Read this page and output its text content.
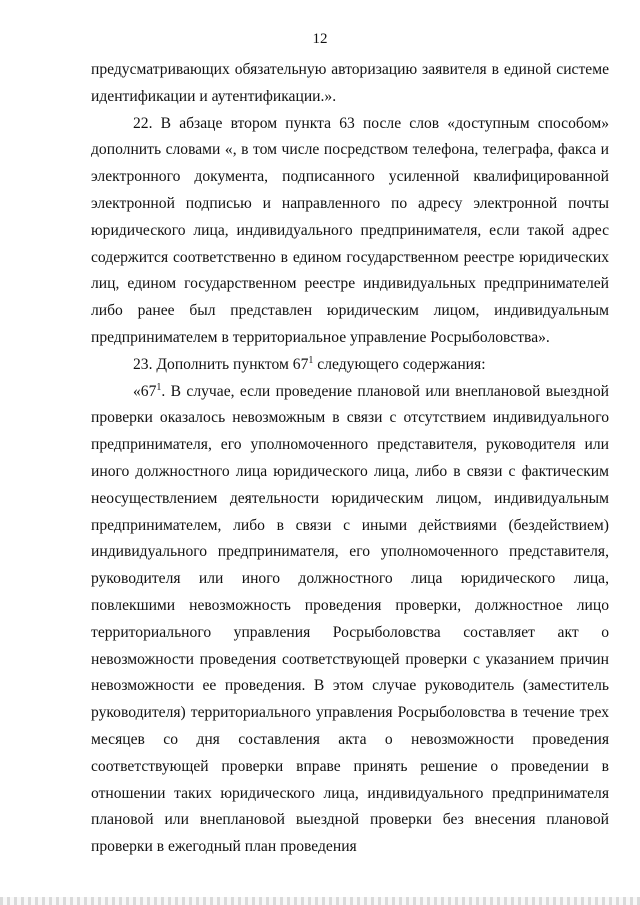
12

предусматривающих обязательную авторизацию заявителя в единой системе идентификации и аутентификации.».

22. В абзаце втором пункта 63 после слов «доступным способом» дополнить словами «, в том числе посредством телефона, телеграфа, факса и электронного документа, подписанного усиленной квалифицированной электронной подписью и направленного по адресу электронной почты юридического лица, индивидуального предпринимателя, если такой адрес содержится соответственно в едином государственном реестре юридических лиц, едином государственном реестре индивидуальных предпринимателей либо ранее был представлен юридическим лицом, индивидуальным предпринимателем в территориальное управление Росрыболовства».

23. Дополнить пунктом $67^1$ следующего содержания:

«$67^1$. В случае, если проведение плановой или внеплановой выездной проверки оказалось невозможным в связи с отсутствием индивидуального предпринимателя, его уполномоченного представителя, руководителя или иного должностного лица юридического лица, либо в связи с фактическим неосуществлением деятельности юридическим лицом, индивидуальным предпринимателем, либо в связи с иными действиями (бездействием) индивидуального предпринимателя, его уполномоченного представителя, руководителя или иного должностного лица юридического лица, повлекшими невозможность проведения проверки, должностное лицо территориального управления Росрыболовства составляет акт о невозможности проведения соответствующей проверки с указанием причин невозможности ее проведения. В этом случае руководитель (заместитель руководителя) территориального управления Росрыболовства в течение трех месяцев со дня составления акта о невозможности проведения соответствующей проверки вправе принять решение о проведении в отношении таких юридического лица, индивидуального предпринимателя плановой или внеплановой выездной проверки без внесения плановой проверки в ежегодный план проведения
